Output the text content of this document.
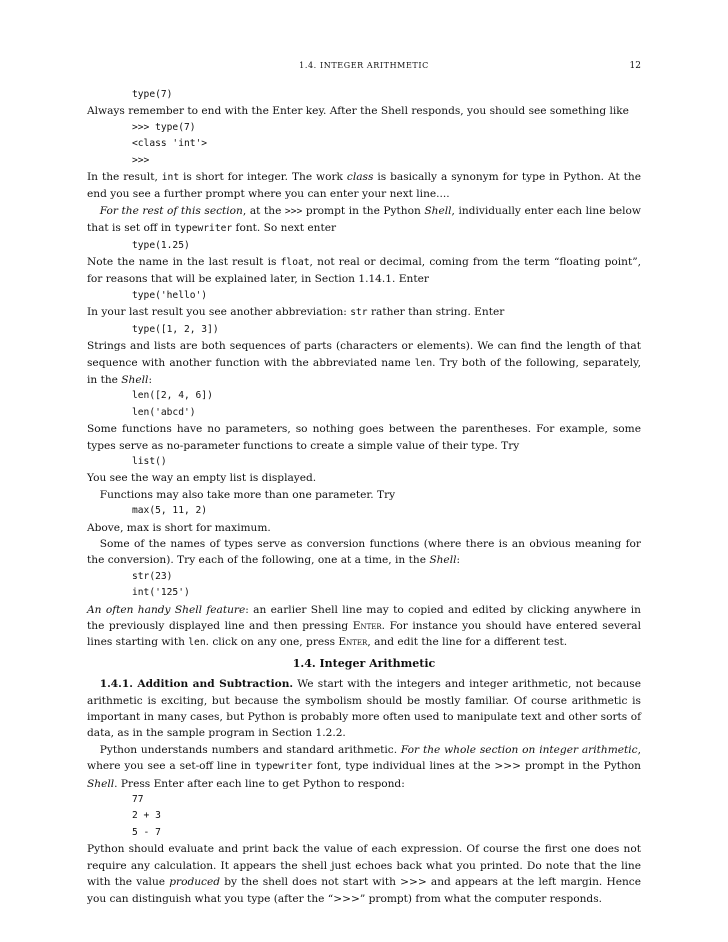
1.4. INTEGER ARITHMETIC	12
type(7)

Always remember to end with the Enter key. After the Shell responds, you should see something like

>>> type(7)
<class 'int'>
>>>

In the result, int is short for integer. The work class is basically a synonym for type in Python. At the end you see a further prompt where you can enter your next line....

For the rest of this section, at the >>> prompt in the Python Shell, individually enter each line below that is set off in typewriter font. So next enter

type(1.25)

Note the name in the last result is float, not real or decimal, coming from the term “floating point”, for reasons that will be explained later, in Section 1.14.1. Enter

type('hello')

In your last result you see another abbreviation: str rather than string. Enter

type([1, 2, 3])

Strings and lists are both sequences of parts (characters or elements). We can find the length of that sequence with another function with the abbreviated name len. Try both of the following, separately, in the Shell:

len([2, 4, 6])
len('abcd')

Some functions have no parameters, so nothing goes between the parentheses. For example, some types serve as no-parameter functions to create a simple value of their type. Try

list()

You see the way an empty list is displayed.

Functions may also take more than one parameter. Try

max(5, 11, 2)

Above, max is short for maximum.

Some of the names of types serve as conversion functions (where there is an obvious meaning for the conversion). Try each of the following, one at a time, in the Shell:

str(23)
int('125')

An often handy Shell feature: an earlier Shell line may to copied and edited by clicking anywhere in the previously displayed line and then pressing Enter. For instance you should have entered several lines starting with len. click on any one, press Enter, and edit the line for a different test.

1.4. Integer Arithmetic

1.4.1. Addition and Subtraction. We start with the integers and integer arithmetic, not because arithmetic is exciting, but because the symbolism should be mostly familiar. Of course arithmetic is important in many cases, but Python is probably more often used to manipulate text and other sorts of data, as in the sample program in Section 1.2.2.

Python understands numbers and standard arithmetic. For the whole section on integer arithmetic, where you see a set-off line in typewriter font, type individual lines at the >>> prompt in the Python Shell. Press Enter after each line to get Python to respond:

77
2 + 3
5 - 7

Python should evaluate and print back the value of each expression. Of course the first one does not require any calculation. It appears the shell just echoes back what you printed. Do note that the line with the value produced by the shell does not start with >>> and appears at the left margin. Hence you can distinguish what you type (after the “>>>” prompt) from what the computer responds.
